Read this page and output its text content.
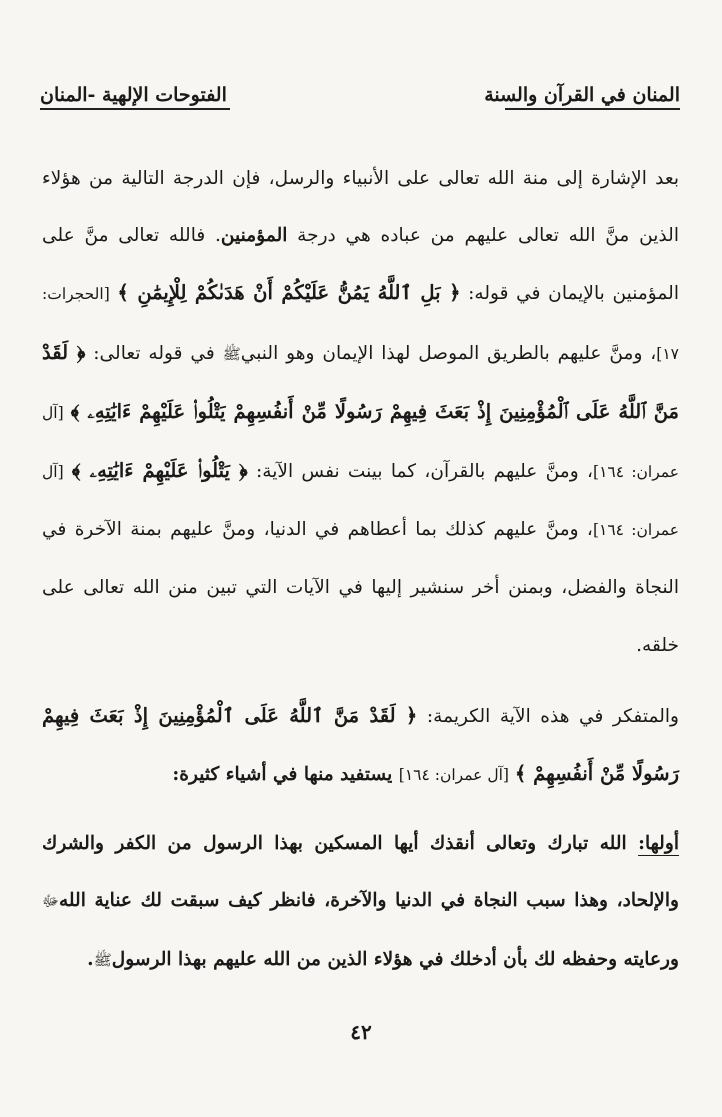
المنان في القرآن والسنة
الفتوحات الإلهية -المنان

بعد الإشارة إلى منة الله تعالى على الأنبياء والرسل، فإن الدرجة التالية من هؤلاء الذين منَّ الله تعالى عليهم من عباده هي درجة المؤمنين. فالله تعالى منَّ على المؤمنين بالإيمان في قوله: ﴿ بَلِ ٱللَّهُ يَمُنُّ عَلَيْكُمْ أَنْ هَدَىٰكُمْ لِلْإِيمَٰنِ ﴾ [الحجرات: ١٧]، ومنَّ عليهم بالطريق الموصل لهذا الإيمان وهو النبيﷺ في قوله تعالى: ﴿ لَقَدْ مَنَّ ٱللَّهُ عَلَى ٱلْمُؤْمِنِينَ إِذْ بَعَثَ فِيهِمْ رَسُولًا مِّنْ أَنفُسِهِمْ يَتْلُوا۟ عَلَيْهِمْ ءَايَٰتِهِۦ ﴾ [آل عمران: ١٦٤]، ومنَّ عليهم بالقرآن، كما بينت نفس الآية: ﴿ يَتْلُوا۟ عَلَيْهِمْ ءَايَٰتِهِۦ ﴾ [آل عمران: ١٦٤]، ومنَّ عليهم كذلك بما أعطاهم في الدنيا، ومنَّ عليهم بمنة الآخرة في النجاة والفضل، وبمنن أخر سنشير إليها في الآيات التي تبين منن الله تعالى على خلقه.

والمتفكر في هذه الآية الكريمة: ﴿ لَقَدْ مَنَّ ٱللَّهُ عَلَى ٱلْمُؤْمِنِينَ إِذْ بَعَثَ فِيهِمْ رَسُولًا مِّنْ أَنفُسِهِمْ ﴾ [آل عمران: ١٦٤] يستفيد منها في أشياء كثيرة:

أولها: الله تبارك وتعالى أنقذك أيها المسكين بهذا الرسول من الكفر والشرك والإلحاد، وهذا سبب النجاة في الدنيا والآخرة، فانظر كيف سبقت لك عناية اللهﷻ ورعايته وحفظه لك بأن أدخلك في هؤلاء الذين من الله عليهم بهذا الرسولﷺ.

٤٢
